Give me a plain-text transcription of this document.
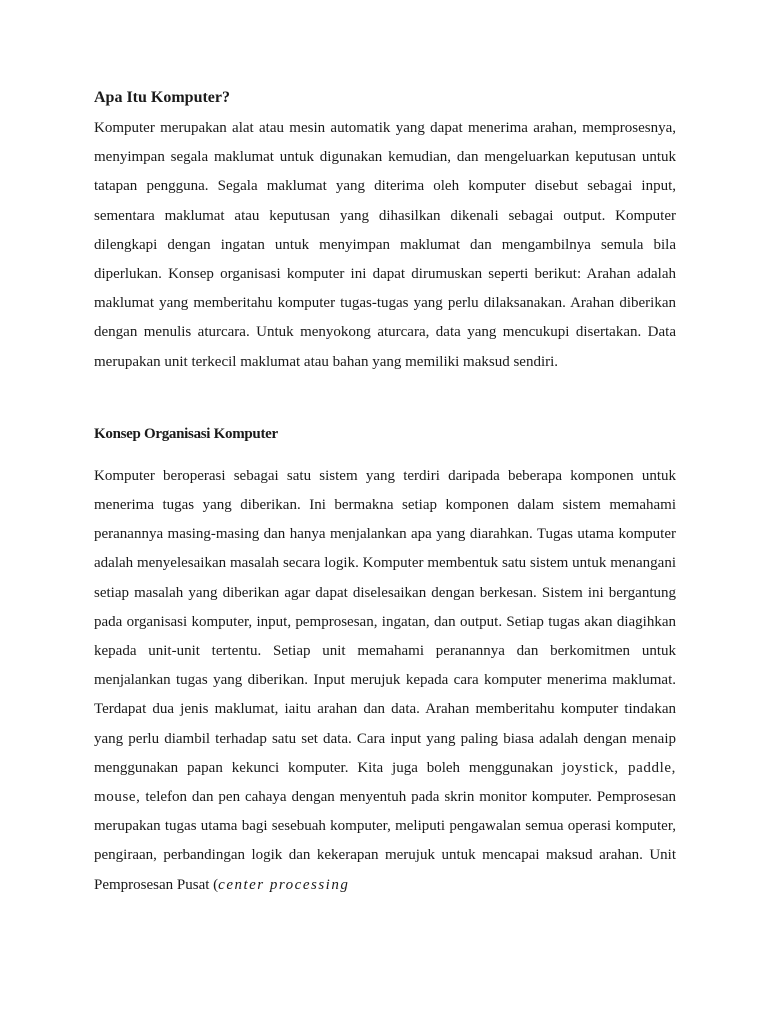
Apa Itu Komputer?

Komputer merupakan alat atau mesin automatik yang dapat menerima arahan, memprosesnya, menyimpan segala maklumat untuk digunakan kemudian, dan mengeluarkan keputusan untuk tatapan pengguna. Segala maklumat yang diterima oleh komputer disebut sebagai input, sementara maklumat atau keputusan yang dihasilkan dikenali sebagai output. Komputer dilengkapi dengan ingatan untuk menyimpan maklumat dan mengambilnya semula bila diperlukan. Konsep organisasi komputer ini dapat dirumuskan seperti berikut: Arahan adalah maklumat yang memberitahu komputer tugas-tugas yang perlu dilaksanakan. Arahan diberikan dengan menulis aturcara. Untuk menyokong aturcara, data yang mencukupi disertakan. Data merupakan unit terkecil maklumat atau bahan yang memiliki maksud sendiri.

Konsep Organisasi Komputer

Komputer beroperasi sebagai satu sistem yang terdiri daripada beberapa komponen untuk menerima tugas yang diberikan. Ini bermakna setiap komponen dalam sistem memahami peranannya masing-masing dan hanya menjalankan apa yang diarahkan. Tugas utama komputer adalah menyelesaikan masalah secara logik. Komputer membentuk satu sistem untuk menangani setiap masalah yang diberikan agar dapat diselesaikan dengan berkesan. Sistem ini bergantung pada organisasi komputer, input, pemprosesan, ingatan, dan output. Setiap tugas akan diagihkan kepada unit-unit tertentu. Setiap unit memahami peranannya dan berkomitmen untuk menjalankan tugas yang diberikan. Input merujuk kepada cara komputer menerima maklumat. Terdapat dua jenis maklumat, iaitu arahan dan data. Arahan memberitahu komputer tindakan yang perlu diambil terhadap satu set data. Cara input yang paling biasa adalah dengan menaip menggunakan papan kekunci komputer. Kita juga boleh menggunakan joystick, paddle, mouse, telefon dan pen cahaya dengan menyentuh pada skrin monitor komputer. Pemprosesan merupakan tugas utama bagi sesebuah komputer, meliputi pengawalan semua operasi komputer, pengiraan, perbandingan logik dan kekerapan merujuk untuk mencapai maksud arahan. Unit Pemprosesan Pusat (center processing
